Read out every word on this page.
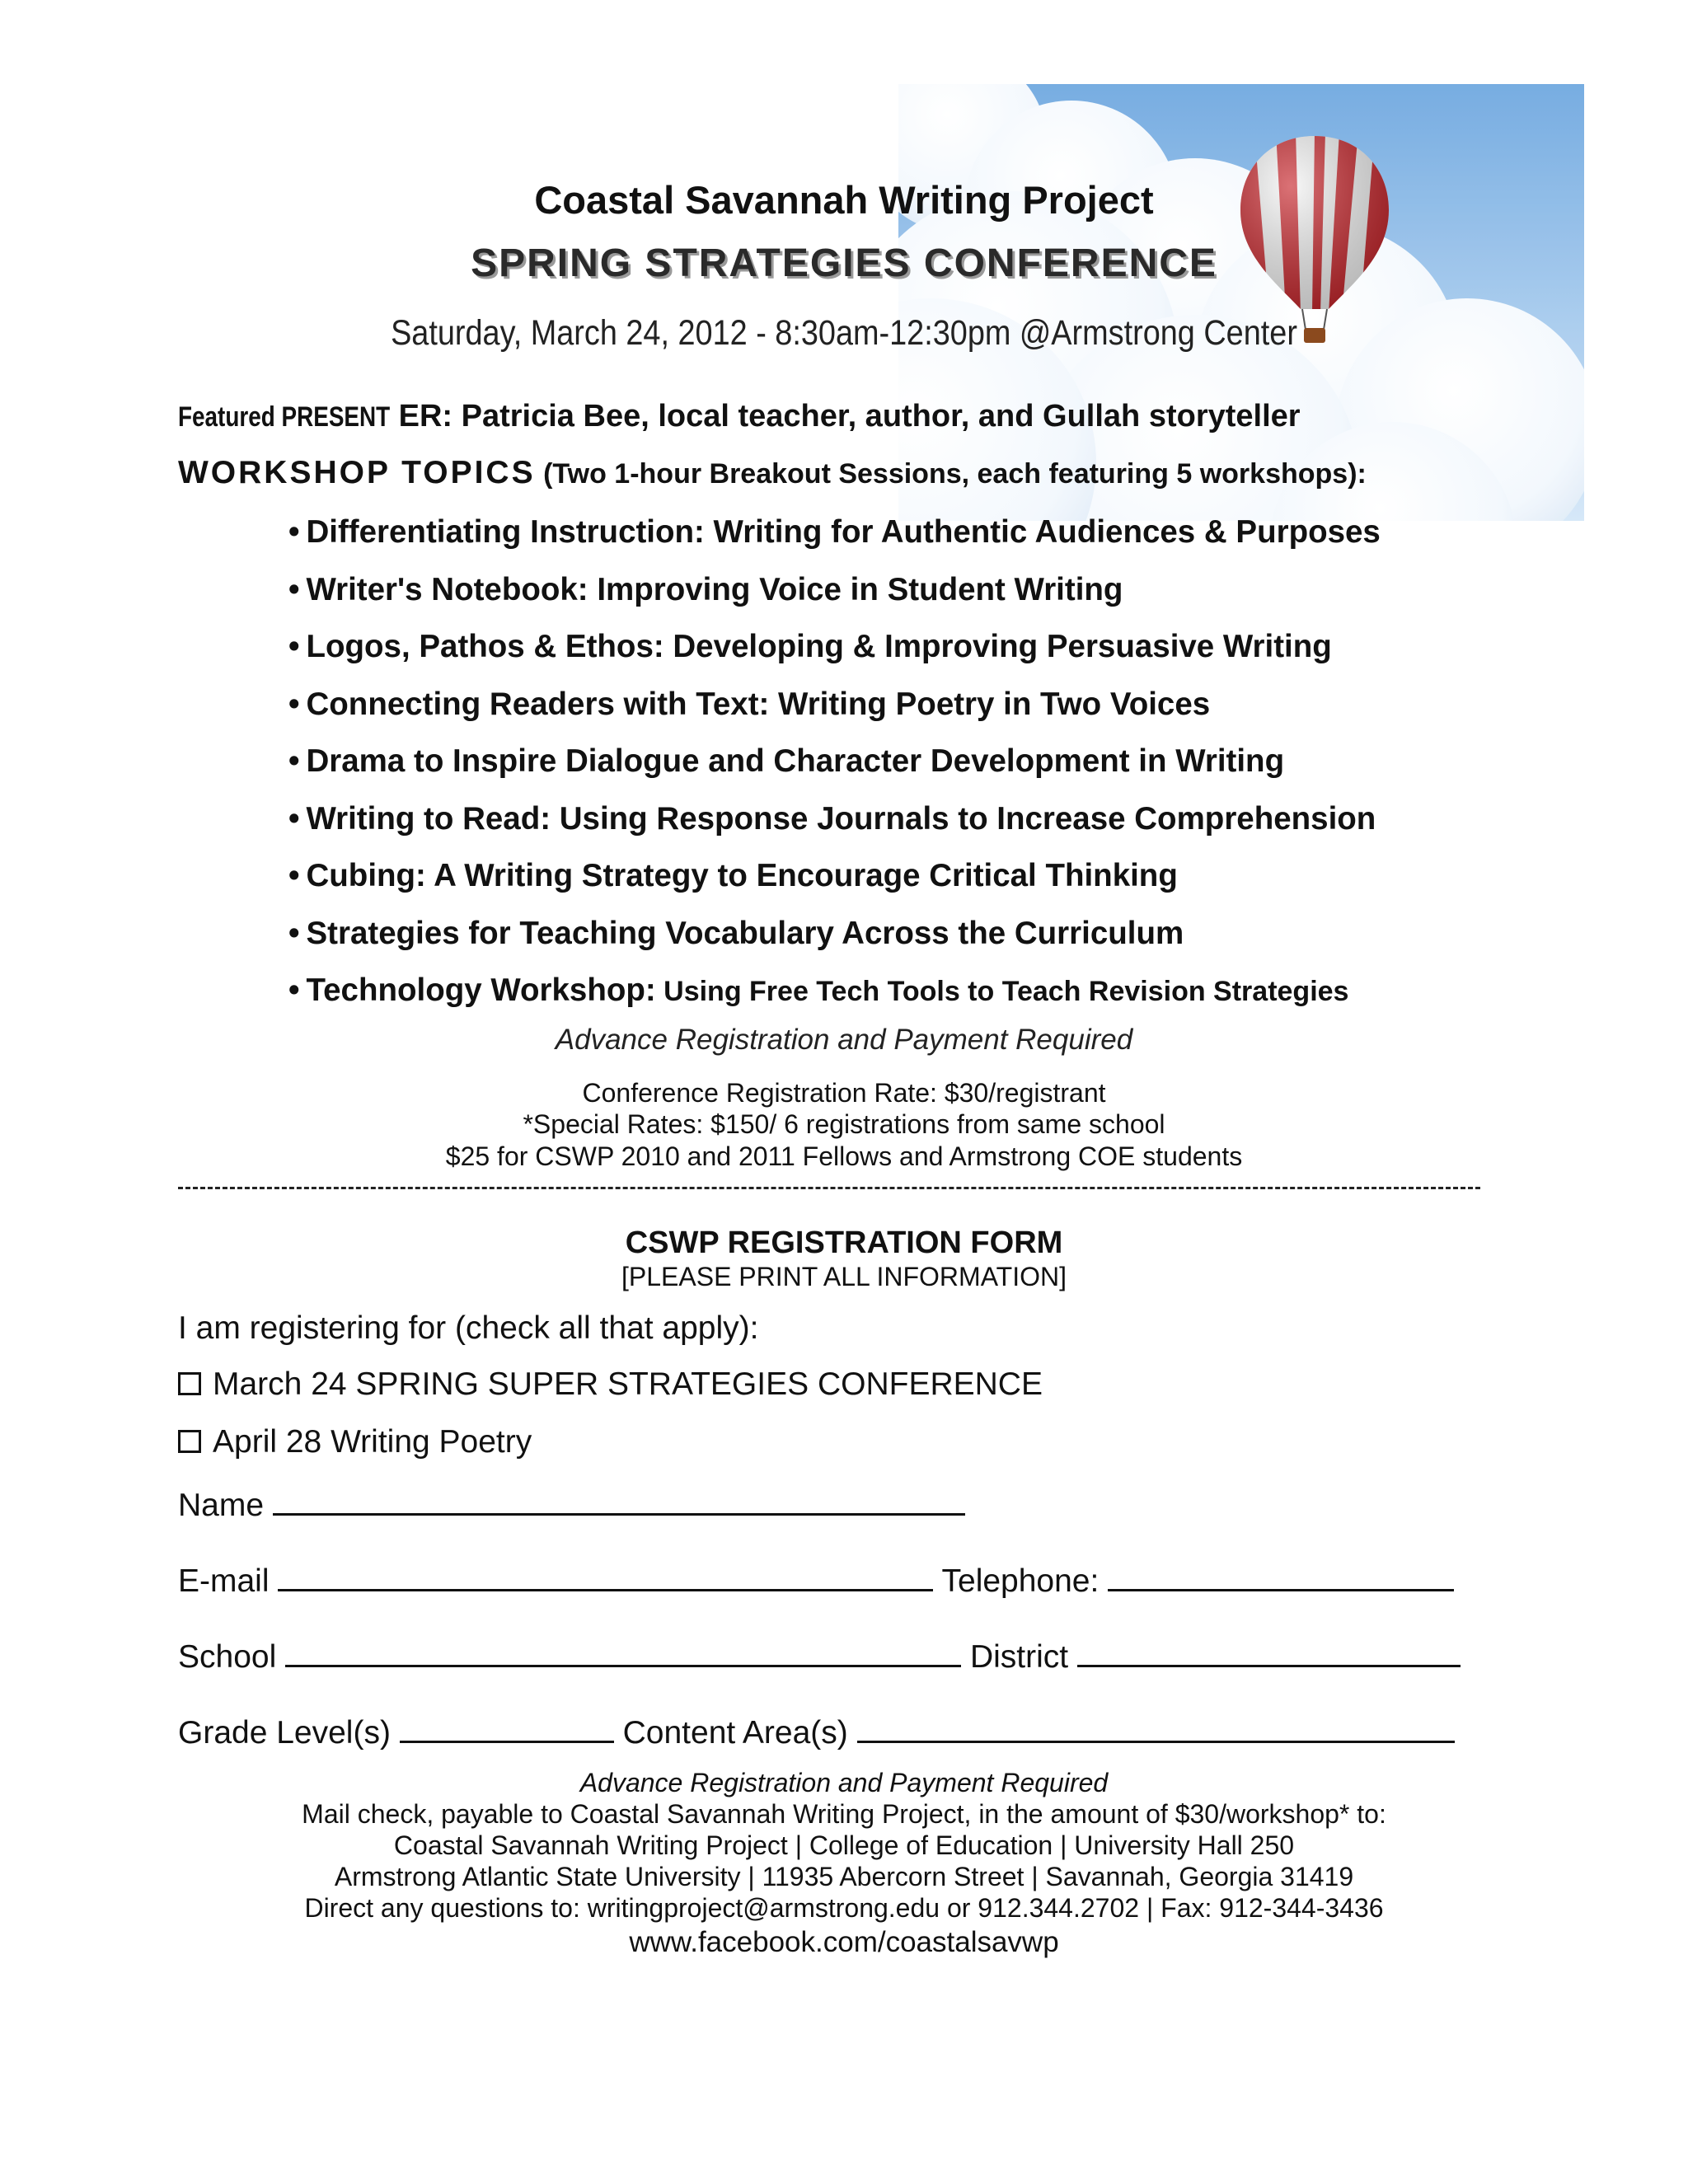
Coastal Savannah Writing Project
SPRING STRATEGIES CONFERENCE
Saturday, March 24, 2012 - 8:30am-12:30pm @Armstrong Center
Featured PRESENT ER: Patricia Bee, local teacher, author, and Gullah storyteller
WORKSHOP TOPICS (Two 1-hour Breakout Sessions, each featuring 5 workshops):
• Differentiating Instruction: Writing for Authentic Audiences & Purposes
• Writer's Notebook: Improving Voice in Student Writing
• Logos, Pathos & Ethos: Developing & Improving Persuasive Writing
• Connecting Readers with Text: Writing Poetry in Two Voices
• Drama to Inspire Dialogue and Character Development in Writing
• Writing to Read: Using Response Journals to Increase Comprehension
• Cubing: A Writing Strategy to Encourage Critical Thinking
• Strategies for Teaching Vocabulary Across the Curriculum
• Technology Workshop: Using Free Tech Tools to Teach Revision Strategies
Advance Registration and Payment Required
Conference Registration Rate: $30/registrant
*Special Rates: $150/ 6 registrations from same school
$25 for CSWP 2010 and 2011 Fellows and Armstrong COE students
CSWP REGISTRATION FORM
[PLEASE PRINT ALL INFORMATION]
I am registering for (check all that apply):
March 24 SPRING SUPER STRATEGIES CONFERENCE
April 28 Writing Poetry
Name
E-mail	Telephone:
School	District
Grade Level(s)	Content Area(s)
Advance Registration and Payment Required
Mail check, payable to Coastal Savannah Writing Project, in the amount of $30/workshop* to:
Coastal Savannah Writing Project | College of Education | University Hall 250
Armstrong Atlantic State University | 11935 Abercorn Street | Savannah, Georgia 31419
Direct any questions to: writingproject@armstrong.edu or 912.344.2702 | Fax: 912-344-3436
www.facebook.com/coastalsavwp
